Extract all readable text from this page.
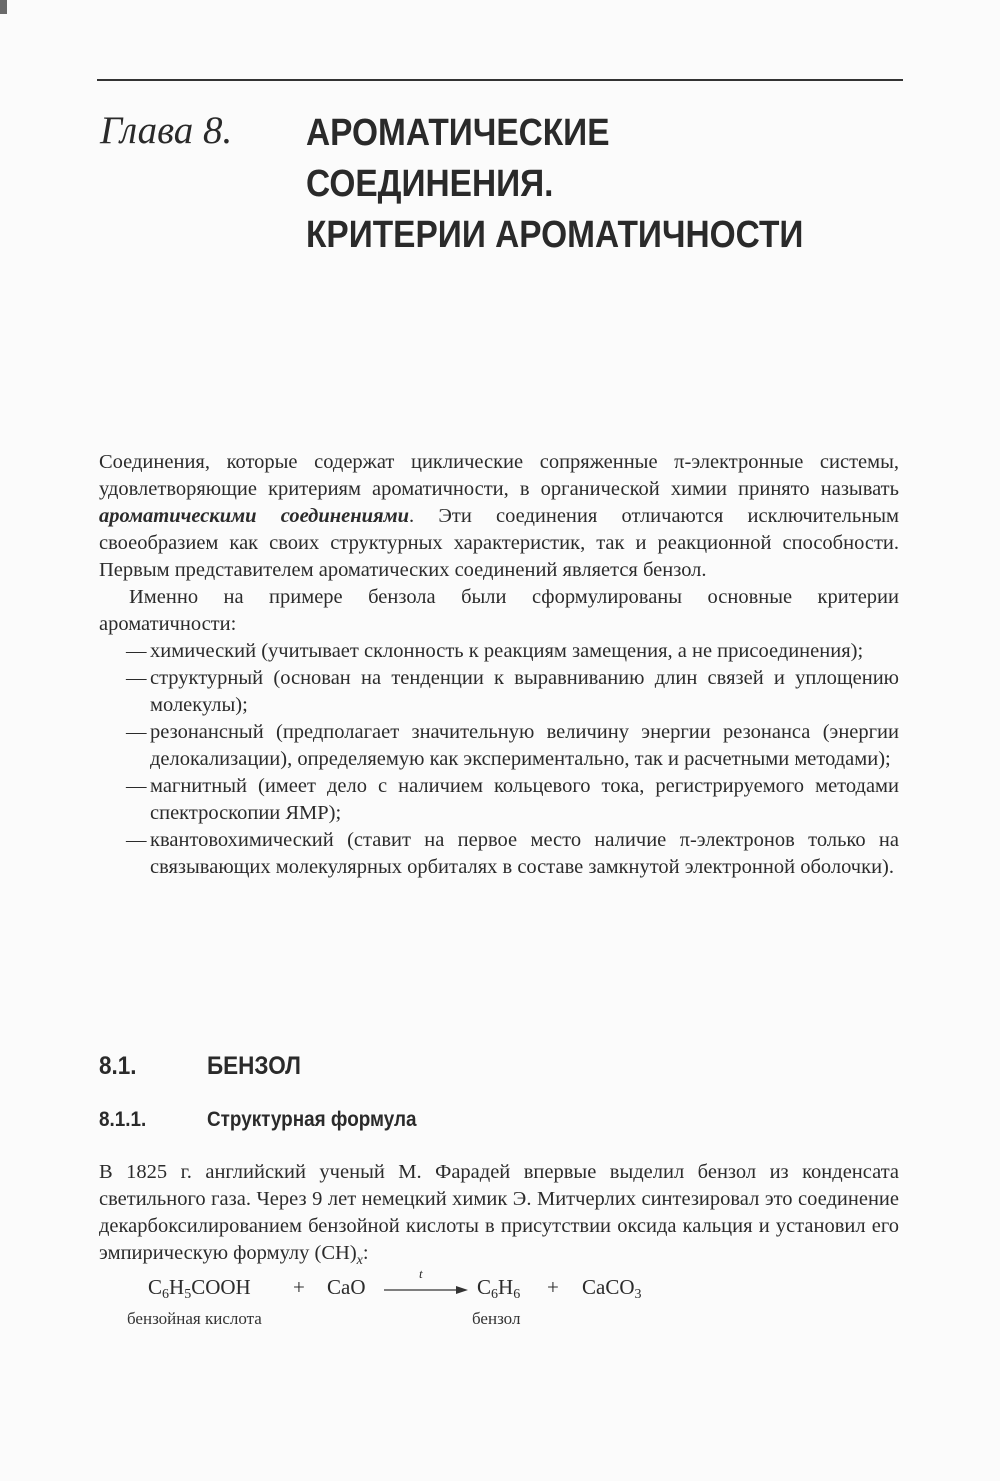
Глава 8. АРОМАТИЧЕСКИЕ
СОЕДИНЕНИЯ.
КРИТЕРИИ АРОМАТИЧНОСТИ

Соединения, которые содержат циклические сопряженные π-электронные системы, удовлетворяющие критериям ароматичности, в органической химии принято называть ароматическими соединениями. Эти соединения отличаются исключительным своеобразием как своих структурных характеристик, так и реакционной способности. Первым представителем ароматических соединений является бензол.

Именно на примере бензола были сформулированы основные критерии ароматичности:

— химический (учитывает склонность к реакциям замещения, а не присоединения);
— структурный (основан на тенденции к выравниванию длин связей и уплощению молекулы);
— резонансный (предполагает значительную величину энергии резонанса (энергии делокализации), определяемую как экспериментально, так и расчетными методами);
— магнитный (имеет дело с наличием кольцевого тока, регистрируемого методами спектроскопии ЯМР);
— квантовохимический (ставит на первое место наличие π-электронов только на связывающих молекулярных орбиталях в составе замкнутой электронной оболочки).
8.1.	БЕНЗОЛ
8.1.1.	Структурная формула

В 1825 г. английский ученый М. Фарадей впервые выделил бензол из конденсата светильного газа. Через 9 лет немецкий химик Э. Митчерлих синтезировал это соединение декарбоксилированием бензойной кислоты в присутствии оксида кальция и установил его эмпирическую формулу $(CH)_x$:

$C_6H_5COOH$ + CaO
t
$C_6H_6$ + CaCO$_3$
бензойная кислота	бензол
